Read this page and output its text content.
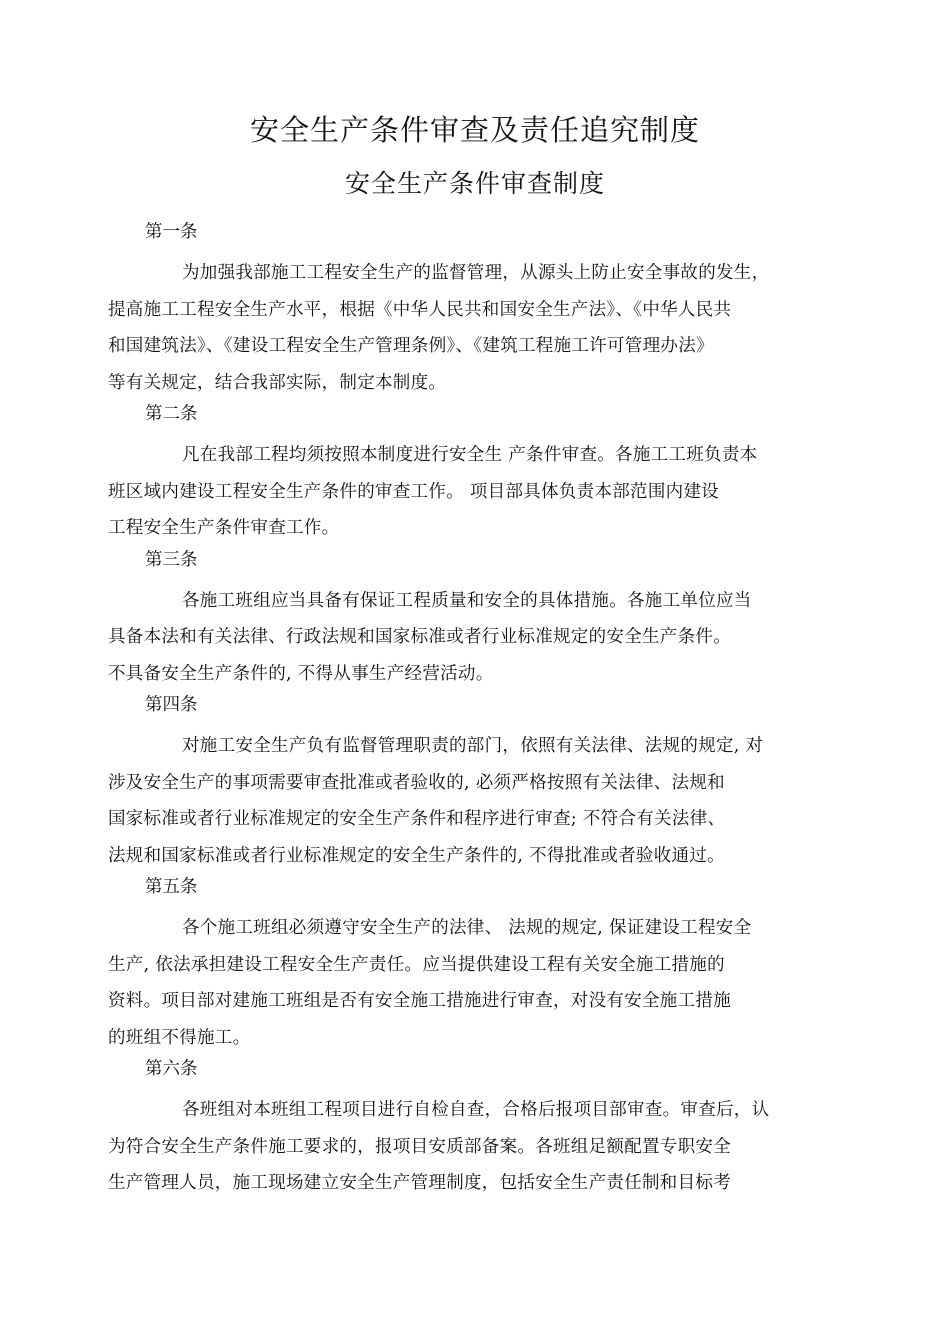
安全生产条件审查及责任追究制度
安全生产条件审查制度

第一条

为加强我部施工工程安全生产的监督管理，从源头上防止安全事故的发生，
提高施工工程安全生产水平，根据《中华人民共和国安全生产法》、《中华人民共
和国建筑法》、《建设工程安全生产管理条例》、《建筑工程施工许可管理办法》
等有关规定，结合我部实际，制定本制度。

第二条

凡在我部工程均须按照本制度进行安全生 产条件审查。各施工工班负责本
班区域内建设工程安全生产条件的审查工作。 项目部具体负责本部范围内建设
工程安全生产条件审查工作。

第三条

各施工班组应当具备有保证工程质量和安全的具体措施。各施工单位应当
具备本法和有关法律、行政法规和国家标准或者行业标准规定的安全生产条件。
不具备安全生产条件的, 不得从事生产经营活动。

第四条

对施工安全生产负有监督管理职责的部门，依照有关法律、法规的规定, 对
涉及安全生产的事项需要审查批准或者验收的, 必须严格按照有关法律、法规和
国家标准或者行业标准规定的安全生产条件和程序进行审查; 不符合有关法律、
法规和国家标准或者行业标准规定的安全生产条件的, 不得批准或者验收通过。

第五条

各个施工班组必须遵守安全生产的法律、 法规的规定, 保证建设工程安全
生产, 依法承担建设工程安全生产责任。应当提供建设工程有关安全施工措施的
资料。项目部对建施工班组是否有安全施工措施进行审查，对没有安全施工措施
的班组不得施工。

第六条

各班组对本班组工程项目进行自检自查，合格后报项目部审查。审查后，认
为符合安全生产条件施工要求的，报项目安质部备案。各班组足额配置专职安全
生产管理人员，施工现场建立安全生产管理制度，包括安全生产责任制和目标考
